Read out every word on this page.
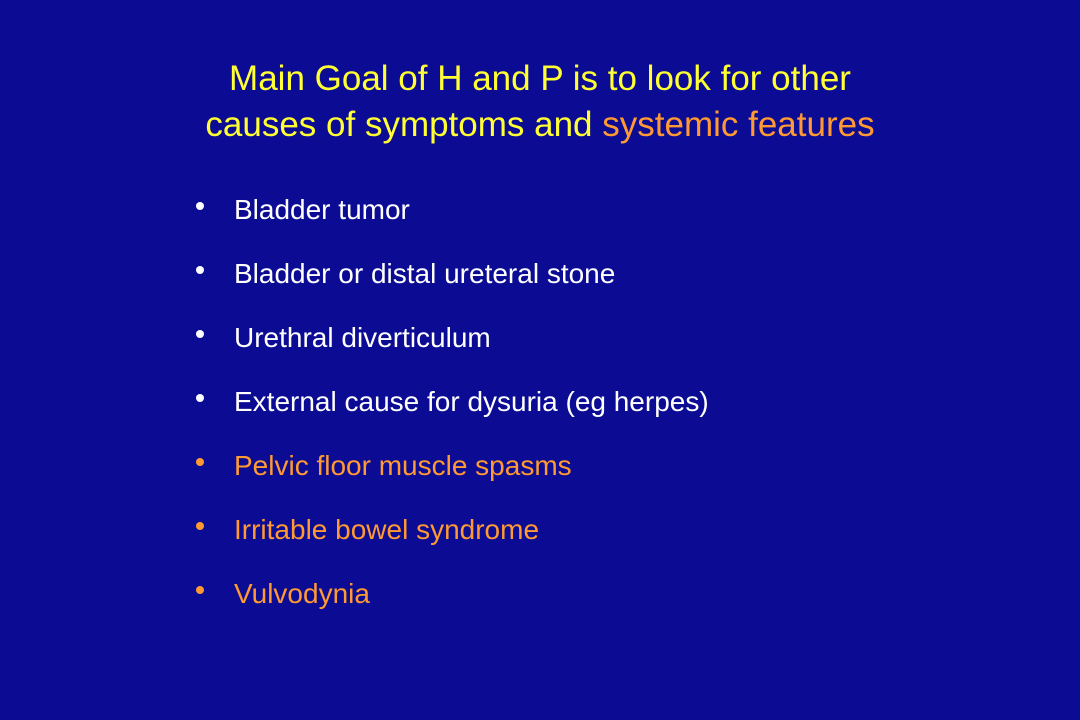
Main Goal of H and P is to look for other
causes of symptoms and systemic features
Bladder tumor
Bladder or distal ureteral stone
Urethral diverticulum
External cause for dysuria (eg herpes)
Pelvic floor muscle spasms
Irritable bowel syndrome
Vulvodynia
